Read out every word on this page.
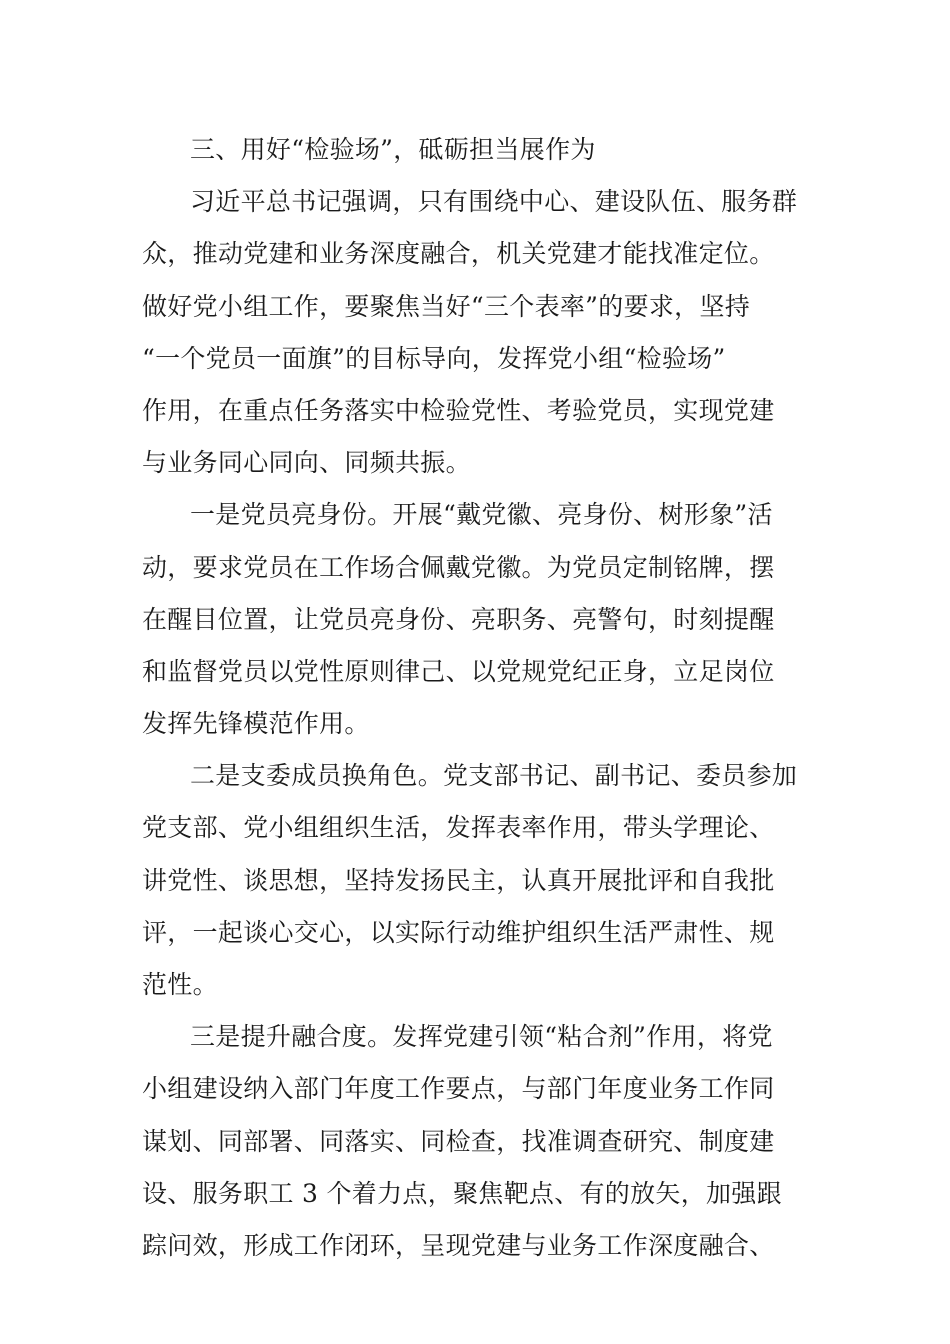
三、用好“检验场”，砥砺担当展作为
习近平总书记强调，只有围绕中心、建设队伍、服务群
众，推动党建和业务深度融合，机关党建才能找准定位。
做好党小组工作，要聚焦当好“三个表率”的要求，坚持
“一个党员一面旗”的目标导向，发挥党小组“检验场”
作用，在重点任务落实中检验党性、考验党员，实现党建
与业务同心同向、同频共振。
一是党员亮身份。开展“戴党徽、亮身份、树形象”活
动，要求党员在工作场合佩戴党徽。为党员定制铭牌，摆
在醒目位置，让党员亮身份、亮职务、亮警句，时刻提醒
和监督党员以党性原则律己、以党规党纪正身，立足岗位
发挥先锋模范作用。
二是支委成员换角色。党支部书记、副书记、委员参加
党支部、党小组组织生活，发挥表率作用，带头学理论、
讲党性、谈思想，坚持发扬民主，认真开展批评和自我批
评，一起谈心交心，以实际行动维护组织生活严肃性、规
范性。
三是提升融合度。发挥党建引领“粘合剂”作用，将党
小组建设纳入部门年度工作要点，与部门年度业务工作同
谋划、同部署、同落实、同检查，找准调查研究、制度建
设、服务职工 3 个着力点，聚焦靶点、有的放矢，加强跟
踪问效，形成工作闭环，呈现党建与业务工作深度融合、
